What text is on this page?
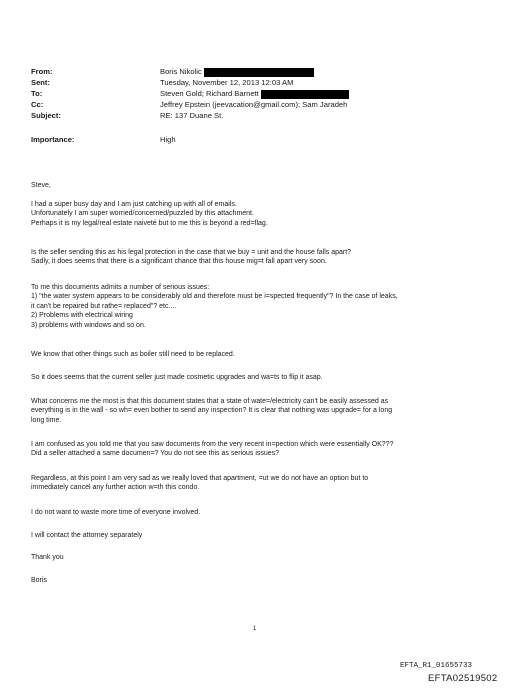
From:	Boris Nikolic
Sent:	Tuesday, November 12, 2013 12:03 AM
To:	Steven Gold; Richard Barnett
Cc:	Jeffrey Epstein (jeevacation@gmail.com); Sam Jaradeh
Subject:	RE: 137 Duane St.
Importance:	High

Steve,

I had a super busy day and I am just catching up with all of emails.

Unfortunately I am super worried/concerned/puzzled by this attachment.

Perhaps it is my legal/real estate naiveté but to me this is beyond a red=flag.

Is the seller sending this as his legal protection in the case that we buy = unit and the house falls apart?

Sadly, it does seems that there is a significant chance that this house mig=t fall apart very soon.

To me this documents admits a number of serious issues:

1) "the water system appears to be considerably old and therefore must be i=spected frequently"? In the case of leaks,

it can't be repaired but rathe= replaced"? etc....

2) Problems with electrical wiring

3) problems with windows and so on.

We know that other things such as boiler still need to be replaced.

So it does seems that the current seller just made cosmetic upgrades and wa=ts to flip it asap.

What concerns me the most is that this document states that a state of wate=/electricity can't be easily assessed as

everything is in the wall - so wh= even bother to send any inspection? It is clear that nothing was upgrade= for a long

long time.

I am confused as you told me that you saw documents from the very recent in=pection which were essentially OK???

Did a seller attached a same documen=? You do not see this as serious issues?

Regardless, at this point I am very sad as we really loved that apartment, =ut we do not have an option but to

immediately cancel any further action w=th this condo.

I do not want to waste more time of everyone involved.

I will contact the attorney separately

Thank you

Boris

1
EFTA_R1_01655733
EFTA02519502
